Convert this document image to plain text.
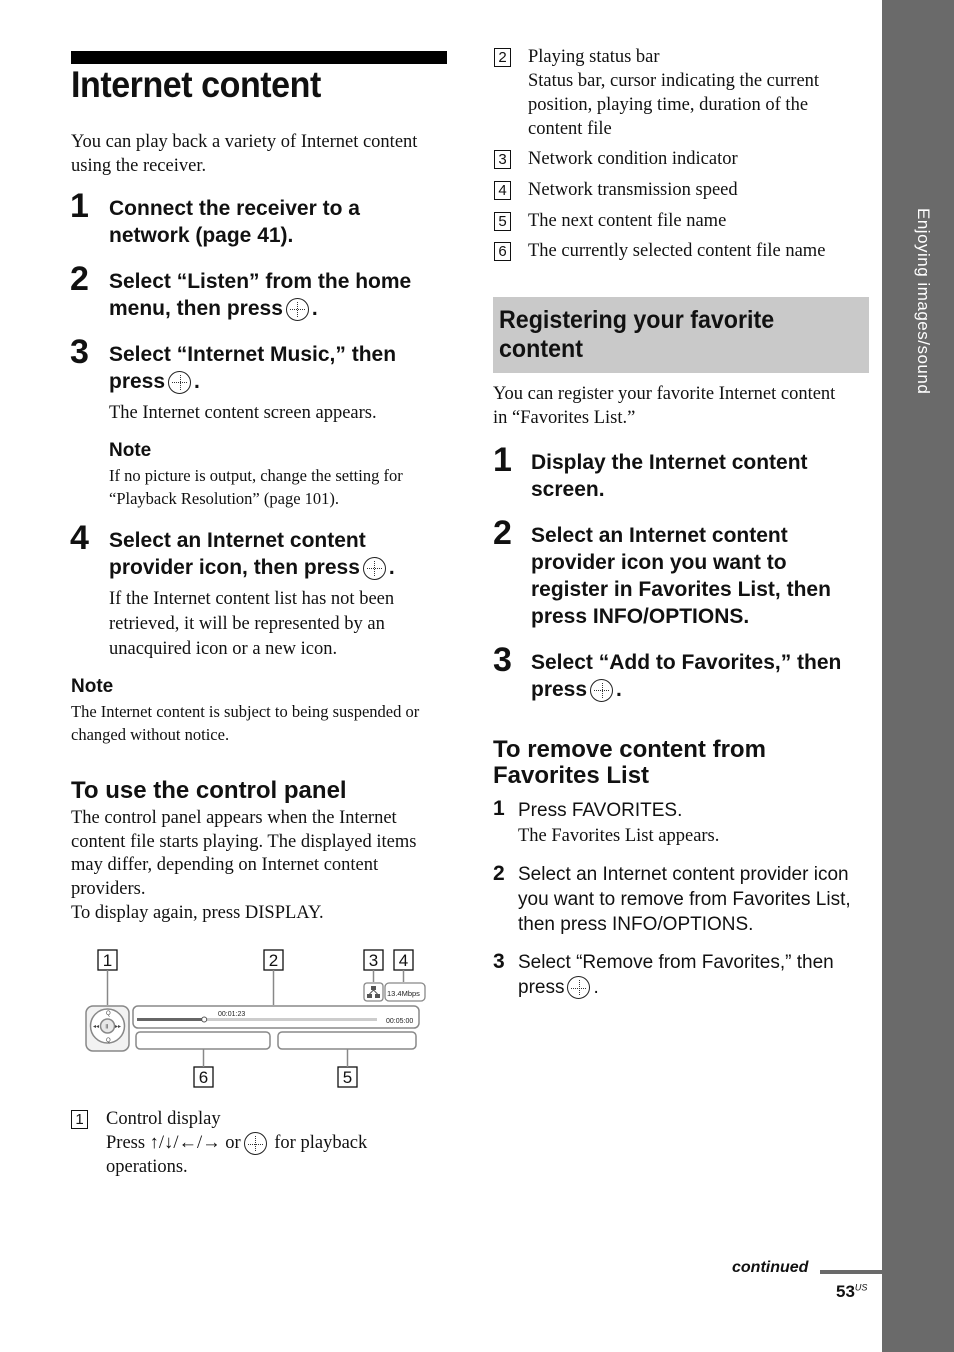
Enjoying images/sound
Internet content
You can play back a variety of Internet content
using the receiver.
1 Connect the receiver to a
network (page 41).
2 Select “Listen” from the home
menu, then press .
3 Select “Internet Music,” then
press .
The Internet content screen appears.
Note
If no picture is output, change the setting for
“Playback Resolution” (page 101).
4 Select an Internet content
provider icon, then press .
If the Internet content list has not been
retrieved, it will be represented by an
unacquired icon or a new icon.
Note
The Internet content is subject to being suspended or
changed without notice.
To use the control panel
The control panel appears when the Internet
content file starts playing. The displayed items
may differ, depending on Internet content
providers.
To display again, press DISPLAY.
1	2	3 4
6	5
Q
Q
◂◂	▸▸
॥
00:01:23
00:05:00
13.4Mbps
1 Control display
Press ↑/↓/←/→ or for playback
operations.
2 Playing status bar
Status bar, cursor indicating the current
position, playing time, duration of the
content file
3 Network condition indicator
4 Network transmission speed
5 The next content file name
6 The currently selected content file name
Registering your favorite
content
You can register your favorite Internet content
in “Favorites List.”
1 Display the Internet content
screen.
2 Select an Internet content
provider icon you want to
register in Favorites List, then
press INFO/OPTIONS.
3 Select “Add to Favorites,” then
press .
To remove content from
Favorites List
1 Press FAVORITES.
The Favorites List appears.
2 Select an Internet content provider icon
you want to remove from Favorites List,
then press INFO/OPTIONS.
3 Select “Remove from Favorites,” then
press .
continued
$53^{US}$
